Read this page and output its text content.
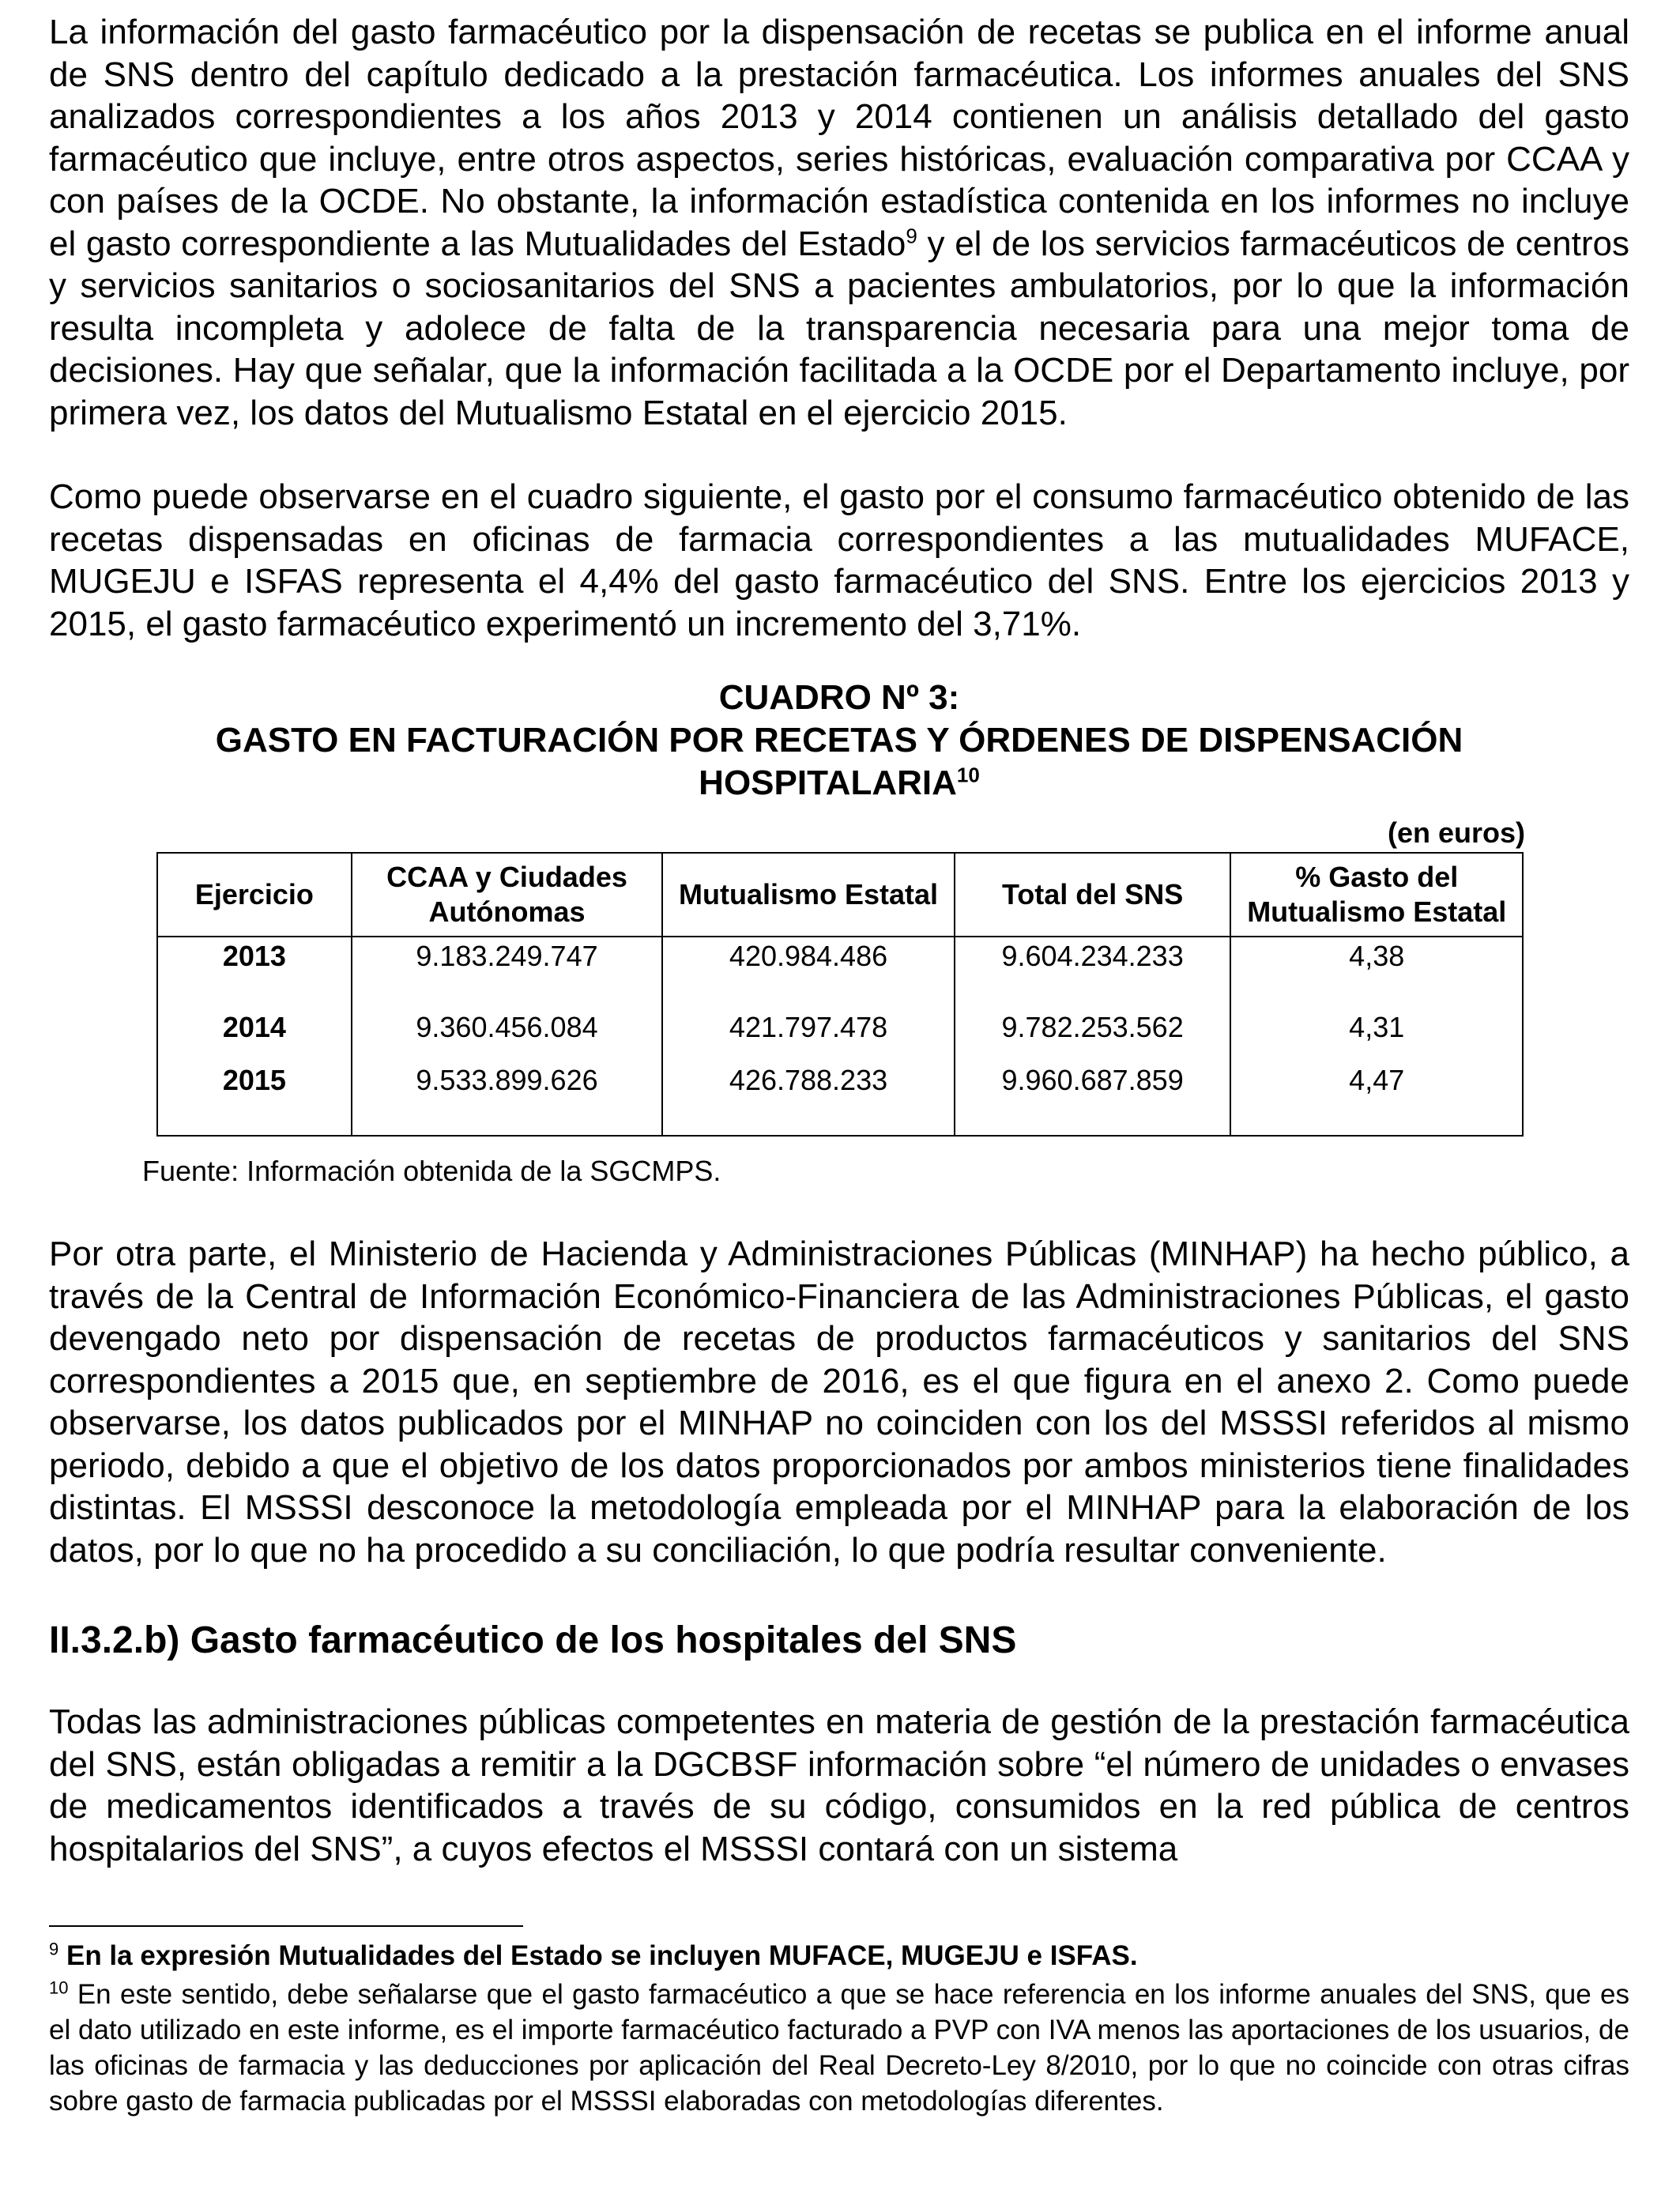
La información del gasto farmacéutico por la dispensación de recetas se publica en el informe anual de SNS dentro del capítulo dedicado a la prestación farmacéutica. Los informes anuales del SNS analizados correspondientes a los años 2013 y 2014 contienen un análisis detallado del gasto farmacéutico que incluye, entre otros aspectos, series históricas, evaluación comparativa por CCAA y con países de la OCDE. No obstante, la información estadística contenida en los informes no incluye el gasto correspondiente a las Mutualidades del Estado$^9$ y el de los servicios farmacéuticos de centros y servicios sanitarios o sociosanitarios del SNS a pacientes ambulatorios, por lo que la información resulta incompleta y adolece de falta de la transparencia necesaria para una mejor toma de decisiones. Hay que señalar, que la información facilitada a la OCDE por el Departamento incluye, por primera vez, los datos del Mutualismo Estatal en el ejercicio 2015.

Como puede observarse en el cuadro siguiente, el gasto por el consumo farmacéutico obtenido de las recetas dispensadas en oficinas de farmacia correspondientes a las mutualidades MUFACE, MUGEJU e ISFAS representa el 4,4% del gasto farmacéutico del SNS. Entre los ejercicios 2013 y 2015, el gasto farmacéutico experimentó un incremento del 3,71%.

CUADRO Nº 3:

GASTO EN FACTURACIÓN POR RECETAS Y ÓRDENES DE DISPENSACIÓN

HOSPITALARIA$^{10}$

(en euros)
Ejercicio	CCAA y Ciudades Autónomas	Mutualismo Estatal	Total del SNS	% Gasto del Mutualismo Estatal
2013	9.183.249.747	420.984.486	9.604.234.233	4,38
2014	9.360.456.084	421.797.478	9.782.253.562	4,31
2015	9.533.899.626	426.788.233	9.960.687.859	4,47
Fuente: Información obtenida de la SGCMPS.

Por otra parte, el Ministerio de Hacienda y Administraciones Públicas (MINHAP) ha hecho público, a través de la Central de Información Económico-Financiera de las Administraciones Públicas, el gasto devengado neto por dispensación de recetas de productos farmacéuticos y sanitarios del SNS correspondientes a 2015 que, en septiembre de 2016, es el que figura en el anexo 2. Como puede observarse, los datos publicados por el MINHAP no coinciden con los del MSSSI referidos al mismo periodo, debido a que el objetivo de los datos proporcionados por ambos ministerios tiene finalidades distintas. El MSSSI desconoce la metodología empleada por el MINHAP para la elaboración de los datos, por lo que no ha procedido a su conciliación, lo que podría resultar conveniente.

II.3.2.b) Gasto farmacéutico de los hospitales del SNS

Todas las administraciones públicas competentes en materia de gestión de la prestación farmacéutica del SNS, están obligadas a remitir a la DGCBSF información sobre “el número de unidades o envases de medicamentos identificados a través de su código, consumidos en la red pública de centros hospitalarios del SNS”, a cuyos efectos el MSSSI contará con un sistema

$^9$ En la expresión Mutualidades del Estado se incluyen MUFACE, MUGEJU e ISFAS.

$^{10}$ En este sentido, debe señalarse que el gasto farmacéutico a que se hace referencia en los informe anuales del SNS, que es el dato utilizado en este informe, es el importe farmacéutico facturado a PVP con IVA menos las aportaciones de los usuarios, de las oficinas de farmacia y las deducciones por aplicación del Real Decreto-Ley 8/2010, por lo que no coincide con otras cifras sobre gasto de farmacia publicadas por el MSSSI elaboradas con metodologías diferentes.
